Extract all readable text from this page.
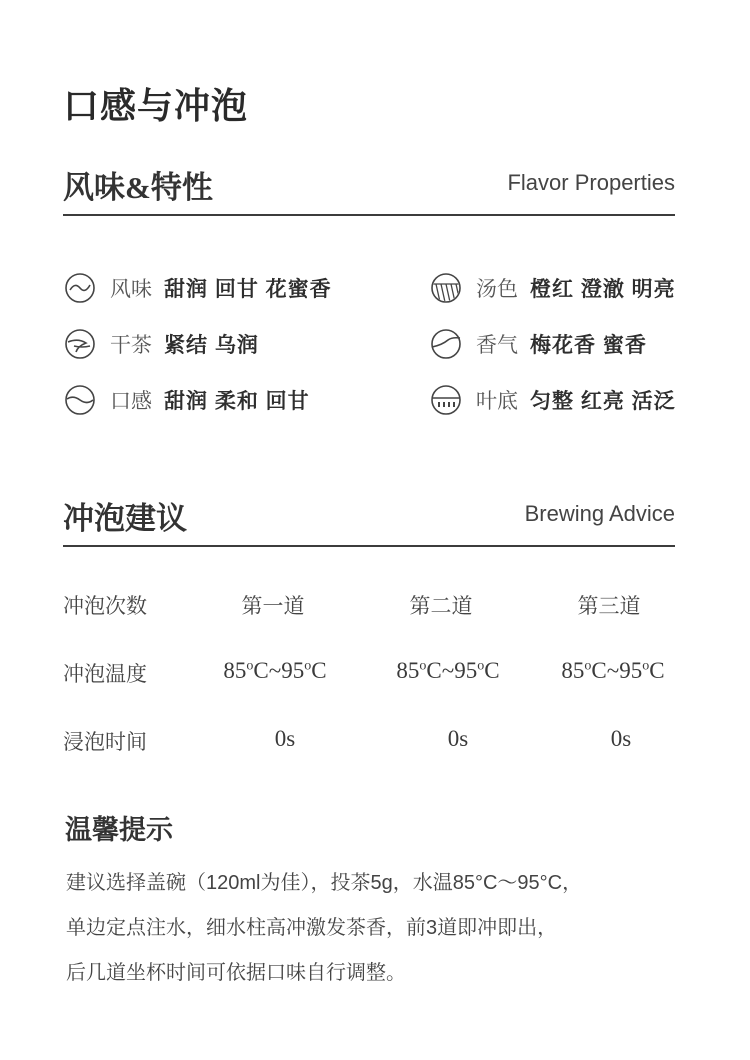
口感与冲泡
风味&特性	Flavor Properties
风味 甜润 回甘 花蜜香
干茶 紧结 乌润
口感 甜润 柔和 回甘
汤色 橙红 澄澈 明亮
香气 梅花香 蜜香
叶底 匀整 红亮 活泛
冲泡建议	Brewing Advice
冲泡次数	第一道	第二道	第三道
冲泡温度	85$^o$C~95$^o$C	85$^o$C~95$^o$C	85$^o$C~95$^o$C
浸泡时间	0s	0s	0s
温馨提示
建议选择盖碗（120ml为佳），投茶5g，水温85°C～95°C，
单边定点注水，细水柱高冲激发茶香，前3道即冲即出，
后几道坐杯时间可依据口味自行调整。
